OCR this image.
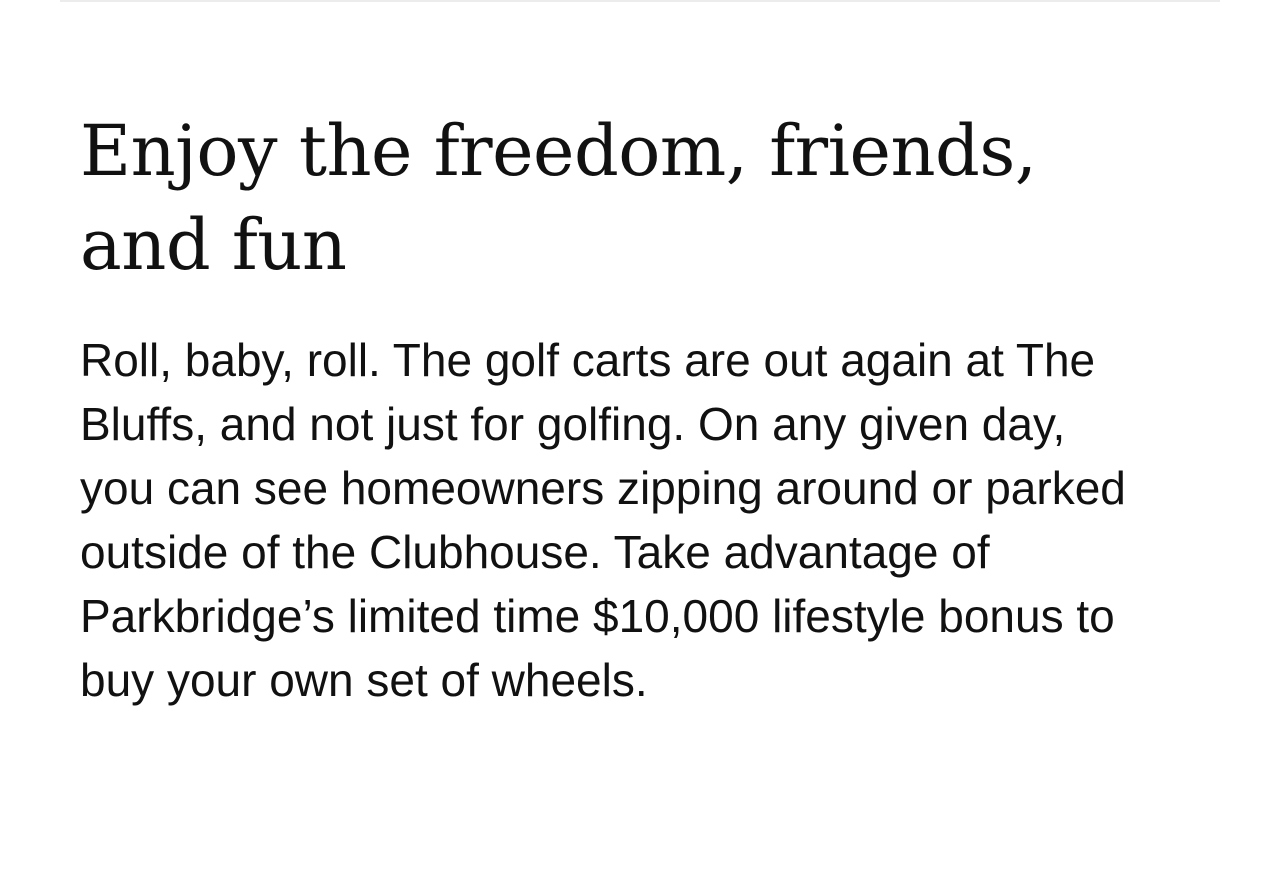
Enjoy the freedom, friends, and fun

Roll, baby, roll. The golf carts are out again at The Bluffs, and not just for golfing. On any given day, you can see homeowners zipping around or parked outside of the Clubhouse. Take advantage of Parkbridge’s limited time $10,000 lifestyle bonus to buy your own set of wheels.
